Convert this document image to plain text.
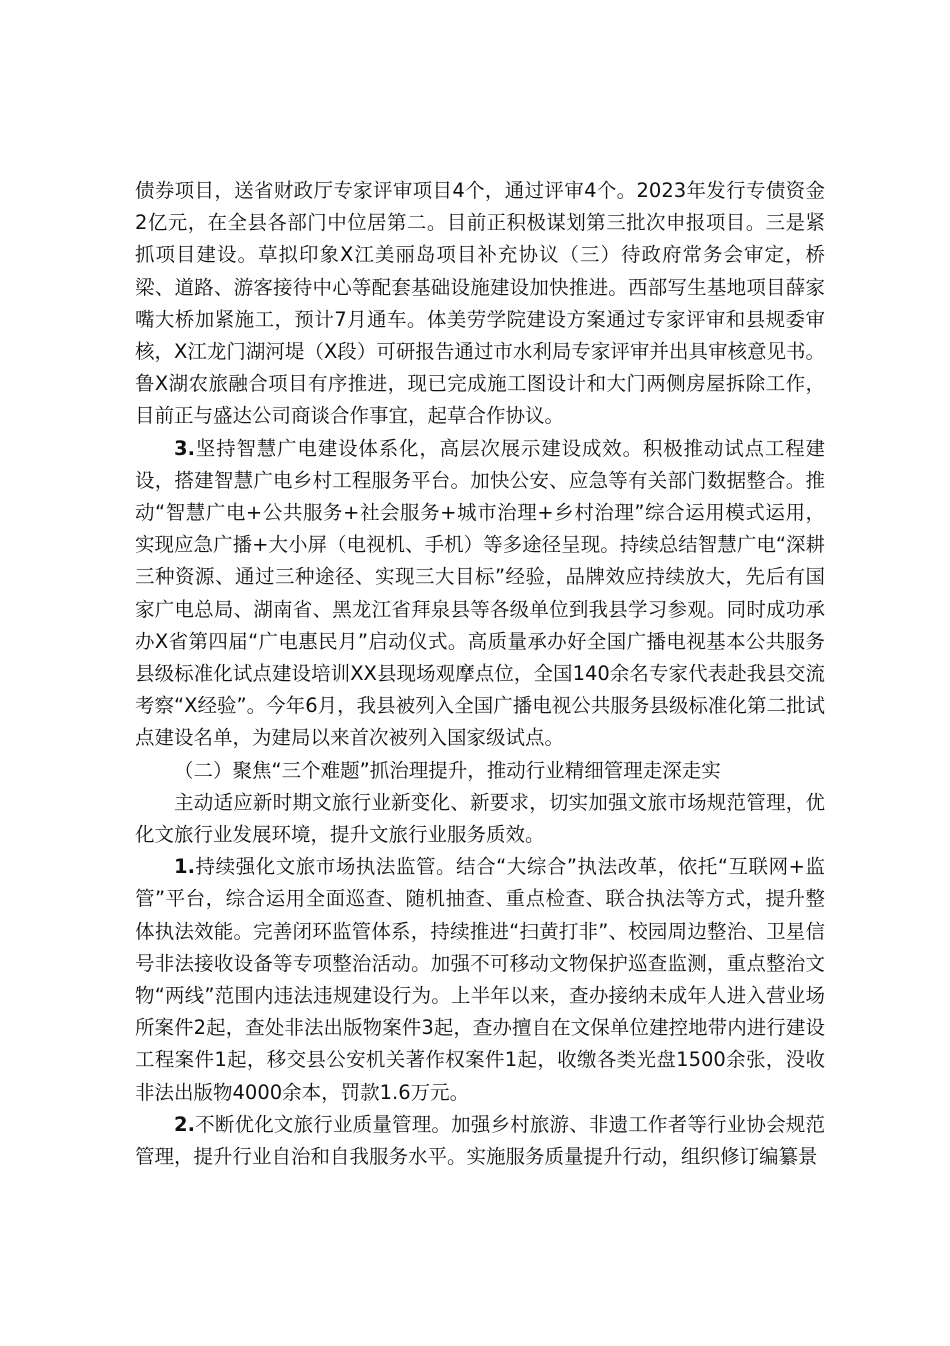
债券项目，送省财政厅专家评审项目4个，通过评审4个。2023年发行专债资金2亿元，在全县各部门中位居第二。目前正积极谋划第三批次申报项目。三是紧抓项目建设。草拟印象X江美丽岛项目补充协议（三）待政府常务会审定，桥梁、道路、游客接待中心等配套基础设施建设加快推进。西部写生基地项目薛家嘴大桥加紧施工，预计7月通车。体美劳学院建设方案通过专家评审和县规委审核，X江龙门湖河堤（X段）可研报告通过市水利局专家评审并出具审核意见书。鲁X湖农旅融合项目有序推进，现已完成施工图设计和大门两侧房屋拆除工作，目前正与盛达公司商谈合作事宜，起草合作协议。

3.坚持智慧广电建设体系化，高层次展示建设成效。积极推动试点工程建设，搭建智慧广电乡村工程服务平台。加快公安、应急等有关部门数据整合。推动“智慧广电+公共服务+社会服务+城市治理+乡村治理”综合运用模式运用，实现应急广播+大小屏（电视机、手机）等多途径呈现。持续总结智慧广电“深耕三种资源、通过三种途径、实现三大目标”经验，品牌效应持续放大，先后有国家广电总局、湖南省、黑龙江省拜泉县等各级单位到我县学习参观。同时成功承办X省第四届“广电惠民月”启动仪式。高质量承办好全国广播电视基本公共服务县级标准化试点建设培训XX县现场观摩点位，全国140余名专家代表赴我县交流考察“X经验”。今年6月，我县被列入全国广播电视公共服务县级标准化第二批试点建设名单，为建局以来首次被列入国家级试点。

（二）聚焦“三个难题”抓治理提升，推动行业精细管理走深走实

主动适应新时期文旅行业新变化、新要求，切实加强文旅市场规范管理，优化文旅行业发展环境，提升文旅行业服务质效。

1.持续强化文旅市场执法监管。结合“大综合”执法改革，依托“互联网+监管”平台，综合运用全面巡查、随机抽查、重点检查、联合执法等方式，提升整体执法效能。完善闭环监管体系，持续推进“扫黄打非”、校园周边整治、卫星信号非法接收设备等专项整治活动。加强不可移动文物保护巡查监测，重点整治文物“两线”范围内违法违规建设行为。上半年以来，查办接纳未成年人进入营业场所案件2起，查处非法出版物案件3起，查办擅自在文保单位建控地带内进行建设工程案件1起，移交县公安机关著作权案件1起，收缴各类光盘1500余张，没收非法出版物4000余本，罚款1.6万元。

2.不断优化文旅行业质量管理。加强乡村旅游、非遗工作者等行业协会规范管理，提升行业自治和自我服务水平。实施服务质量提升行动，组织修订编纂景
